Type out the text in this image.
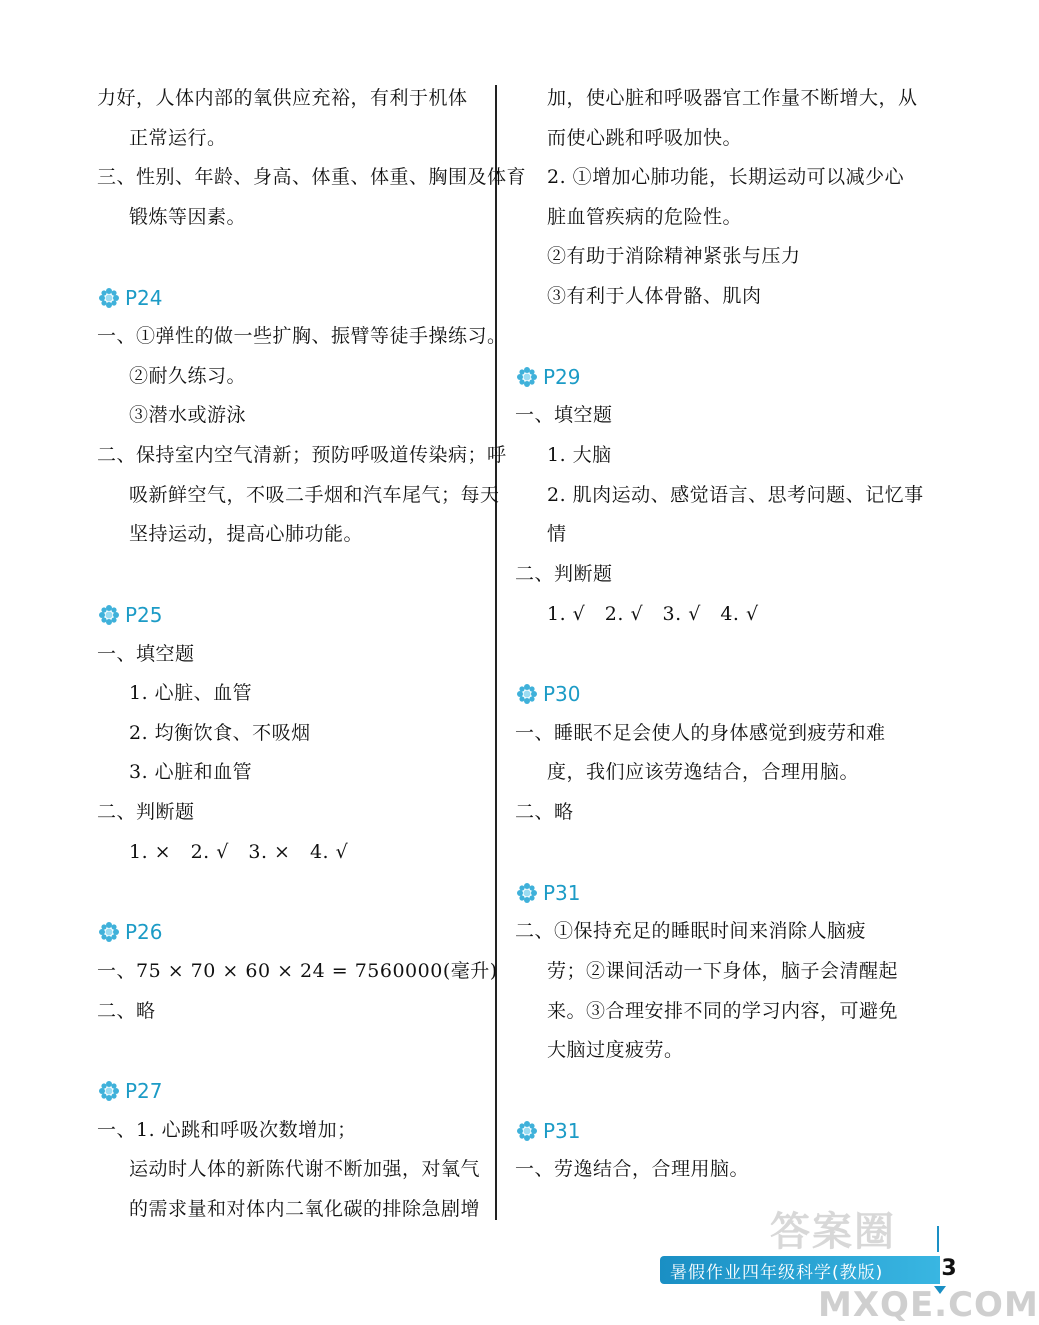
力好，人体内部的氧供应充裕，有利于机体
正常运行。
三、性别、年龄、身高、体重、体重、胸围及体育
锻炼等因素。
P24
一、①弹性的做一些扩胸、振臂等徒手操练习。
②耐久练习。
③潜水或游泳
二、保持室内空气清新；预防呼吸道传染病；呼
吸新鲜空气，不吸二手烟和汽车尾气；每天
坚持运动，提高心肺功能。
P25
一、填空题
1. 心脏、血管
2. 均衡饮食、不吸烟
3. 心脏和血管
二、判断题
1. ×　2. √　3. ×　4. √
P26
一、75 × 70 × 60 × 24 = 7560000(毫升)
二、略
P27
一、1. 心跳和呼吸次数增加；
运动时人体的新陈代谢不断加强，对氧气
的需求量和对体内二氧化碳的排除急剧增
加，使心脏和呼吸器官工作量不断增大，从
而使心跳和呼吸加快。
2. ①增加心肺功能，长期运动可以减少心
脏血管疾病的危险性。
②有助于消除精神紧张与压力
③有利于人体骨骼、肌肉
P29
一、填空题
1. 大脑
2. 肌肉运动、感觉语言、思考问题、记忆事
情
二、判断题
1. √　2. √　3. √　4. √
P30
一、睡眠不足会使人的身体感觉到疲劳和难
度，我们应该劳逸结合，合理用脑。
二、略
P31
二、①保持充足的睡眠时间来消除人脑疲
劳；②课间活动一下身体，脑子会清醒起
来。③合理安排不同的学习内容，可避免
大脑过度疲劳。
P31
一、劳逸结合，合理用脑。
答案圈
MXQE.COM
暑假作业四年级科学(教版)	3
